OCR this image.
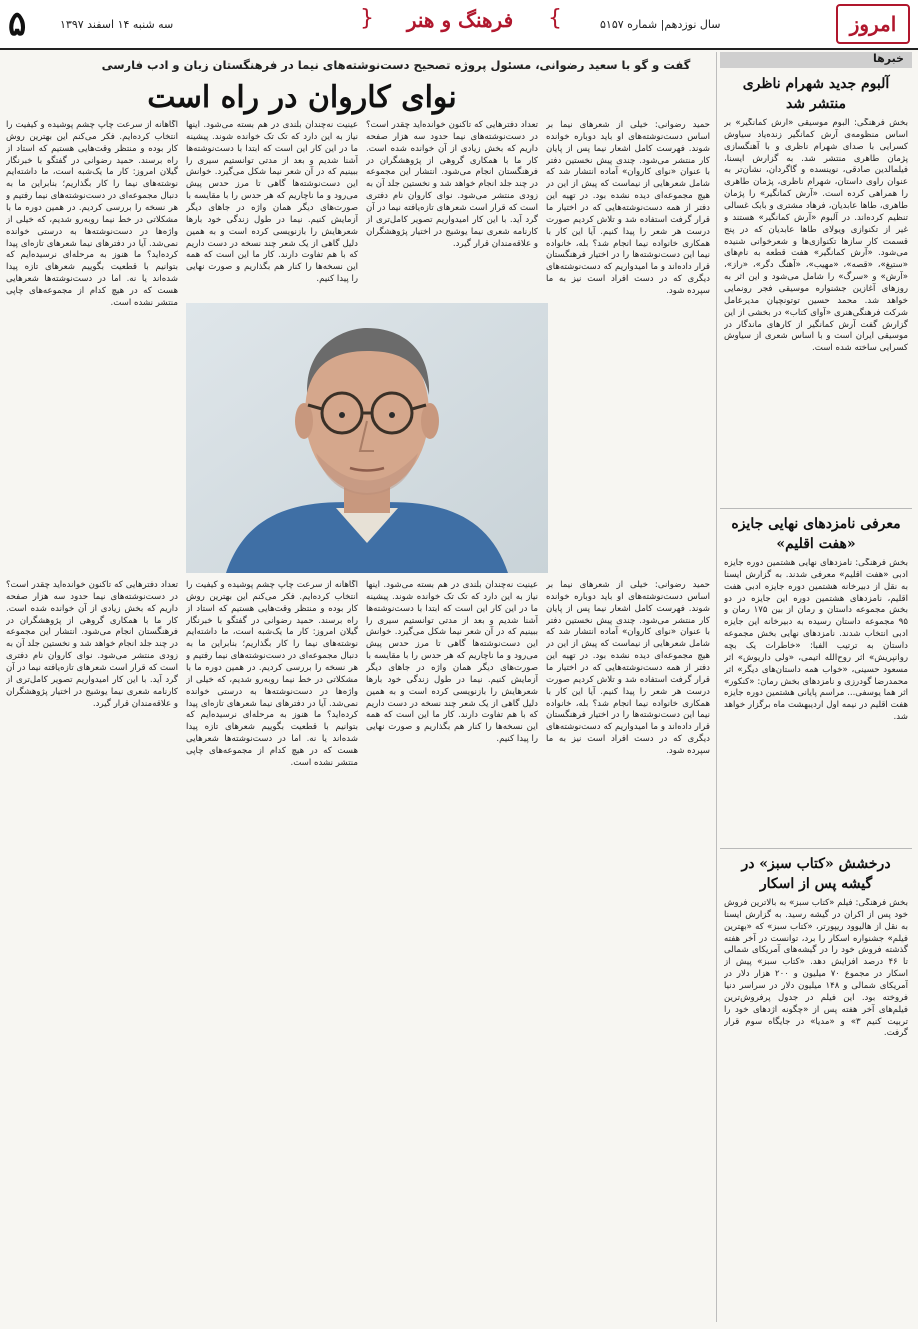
۵	سه شنبه ۱۴ اسفند ۱۳۹۷	{	فرهنگ و هنر	}	سال نوزدهم| شماره ۵۱۵۷	امروز
خبرها
آلبوم جدید شهرام ناظری منتشر شد
بخش فرهنگی: آلبوم موسیقی «آرش کمانگیر» بر اساس منظومه‌ی آرش کمانگیر زنده‌یاد سیاوش کسرایی با صدای شهرام ناظری و با آهنگسازی پژمان طاهری منتشر شد. به گزارش ایسنا، فیلمالدین صادقی، نوینسده و گاگردان، نشان‌تر به عنوان راوی داستان، شهرام ناظری، پژمان طاهری را همراهی کرده است. «آرش کمانگیر» را پژمان طاهری، طاها عابدیان، فرهاد مشتری و بابک غسالی تنظیم کرده‌اند. در آلبوم «آرش کمانگیر» هستند و غیر از تکنوازی ویولای طاها عابدیان که در پنج قسمت کار سازها تکنوازی‌ها و شعرخوانی شنیده می‌شود. «آرش کمانگیر» هفت قطعه به نام‌های «ستیغ»، «قصه»، «مهیب»، «آهنگ دگر»، «راز»، «آرش» و «سرگ» را شامل می‌شود و این اثر به روزهای آغازین جشنواره موسیقی فجر رونمایی خواهد شد. محمد حسین توتونچیان مدیرعامل شرکت فرهنگی‌هنری «آوای کتاب» در بخشی از این گزارش گفت آرش کمانگیر از کارهای ماندگار در موسیقی ایران است و با اساس شعری از سیاوش کسرایی ساخته شده است.
معرفی نامزدهای نهایی جایزه «هفت اقلیم»
بخش فرهنگی: نامزدهای نهایی هشتمین دوره جایزه ادبی «هفت اقلیم» معرفی شدند. به گزارش ایسنا به نقل از دبیرخانه هشتمین دوره جایزه ادبی هفت اقلیم، نامزدهای هشتمین دوره این جایزه در دو بخش مجموعه داستان و رمان از بین ۱۷۵ رمان و ۹۵ مجموعه داستان رسیده به دبیرخانه این جایزه ادبی انتخاب شدند. نامزدهای نهایی بخش مجموعه داستان به ترتیب الفبا: «خاطرات یک بچه روانپریش» اثر روح‌الله اتیمی، «ولی داریوش» اثر مسعود حسینی، «خواب همه داستان‌های دیگر» اثر محمدرضا گودرزی و نامزدهای بخش رمان: «کنکور» اثر هما یوسفی... مراسم پایانی هشتمین دوره جایزه هفت اقلیم در نیمه اول اردیبهشت ماه برگزار خواهد شد.
درخشش «کتاب سبز» در گیشه پس از اسکار
بخش فرهنگی: فیلم «کتاب سبز» به بالاترین فروش خود پس از اکران در گیشه رسید. به گزارش ایسنا به نقل از هالیوود ریپورتر، «کتاب سبز» که «بهترین فیلم» جشنواره اسکار را برد، توانست در آخر هفته گذشته فروش خود را در گیشه‌های آمریکای شمالی تا ۴۶ درصد افزایش دهد. «کتاب سبز» پیش از اسکار در مجموع ۷۰ میلیون و ۲۰۰ هزار دلار در آمریکای شمالی و ۱۴۸ میلیون دلار در سراسر دنیا فروخته بود. این فیلم در جدول پرفروش‌ترین فیلم‌های آخر هفته پس از «چگونه اژدهای خود را تربیت کنیم ۳» و «مدیا» در جایگاه سوم قرار گرفت.
گفت و گو با سعید رضوانی، مسئول پروژه تصحیح دست‌نوشته‌های نیما در فرهنگستان زبان و ادب فارسی
نوای کاروان در راه است
آگاهانه از سرعت چاپ چشم پوشیده و کیفیت را انتخاب کرده‌ایم. فکر می‌کنم این بهترین روش کار بوده و منتظر وقت‌هایی هستیم که استاد از راه برسند. حمید رضوانی در گفتگو با خبرنگار گیلان امروز: کار ما یک‌شبه است، ما داشته‌ایم نوشته‌های نیما را کار بگذاریم؛ بنابراین ما به دنبال مجموعه‌ای در دست‌نوشته‌های نیما رفتیم و هر نسخه را بررسی کردیم. در همین دوره ما با مشکلاتی در خط نیما روبه‌رو شدیم، که خیلی از واژه‌ها در دست‌نوشته‌ها به درستی خوانده نمی‌شد. آیا در دفترهای نیما شعرهای تازه‌ای پیدا کرده‌اید؟ ما هنوز به مرحله‌ای نرسیده‌ایم که بتوانیم با قطعیت بگوییم شعرهای تازه پیدا شده‌اند یا نه. اما در دست‌نوشته‌ها شعرهایی هست که در هیچ کدام از مجموعه‌های چاپی منتشر نشده است.
عینیت نه‌چندان بلندی در هم بسته می‌شود. اینها نیاز به این دارد که تک تک خوانده شوند. پیشینه ما در این کار این است که ابتدا با دست‌نوشته‌ها آشنا شدیم و بعد از مدتی توانستیم سیری را ببینیم که در آن شعر نیما شکل می‌گیرد. خوانش این دست‌نوشته‌ها گاهی تا مرز حدس پیش می‌رود و ما ناچاریم که هر حدس را با مقایسه با صورت‌های دیگر همان واژه در جاهای دیگر آزمایش کنیم. نیما در طول زندگی خود بارها شعرهایش را بازنویسی کرده است و به همین دلیل گاهی از یک شعر چند نسخه در دست داریم که با هم تفاوت دارند. کار ما این است که همه این نسخه‌ها را کنار هم بگذاریم و صورت نهایی را پیدا کنیم.
تعداد دفترهایی که تاکنون خوانده‌اید چقدر است؟ در دست‌نوشته‌های نیما حدود سه هزار صفحه داریم که بخش زیادی از آن خوانده شده است. کار ما با همکاری گروهی از پژوهشگران در فرهنگستان انجام می‌شود. انتشار این مجموعه در چند جلد انجام خواهد شد و نخستین جلد آن به زودی منتشر می‌شود. نوای کاروان نام دفتری است که قرار است شعرهای تازه‌یافته نیما در آن گرد آید. با این کار امیدواریم تصویر کامل‌تری از کارنامه شعری نیما یوشیج در اختیار پژوهشگران و علاقه‌مندان قرار گیرد.
حمید رضوانی: خیلی از شعرهای نیما بر اساس دست‌نوشته‌های او باید دوباره خوانده شوند. فهرست کامل اشعار نیما پس از پایان کار منتشر می‌شود. چندی پیش نخستین دفتر با عنوان «نوای کاروان» آماده انتشار شد که شامل شعرهایی از نیماست که پیش از این در هیچ مجموعه‌ای دیده نشده بود. در تهیه این دفتر از همه دست‌نوشته‌هایی که در اختیار ما قرار گرفت استفاده شد و تلاش کردیم صورت درست هر شعر را پیدا کنیم. آیا این کار با همکاری خانواده نیما انجام شد؟ بله، خانواده نیما این دست‌نوشته‌ها را در اختیار فرهنگستان قرار داده‌اند و ما امیدواریم که دست‌نوشته‌های دیگری که در دست افراد است نیز به ما سپرده شود.
تعداد دفترهایی که تاکنون خوانده‌اید چقدر است؟ در دست‌نوشته‌های نیما حدود سه هزار صفحه داریم که بخش زیادی از آن خوانده شده است. کار ما با همکاری گروهی از پژوهشگران در فرهنگستان انجام می‌شود. انتشار این مجموعه در چند جلد انجام خواهد شد و نخستین جلد آن به زودی منتشر می‌شود. نوای کاروان نام دفتری است که قرار است شعرهای تازه‌یافته نیما در آن گرد آید. با این کار امیدواریم تصویر کامل‌تری از کارنامه شعری نیما یوشیج در اختیار پژوهشگران و علاقه‌مندان قرار گیرد.
آگاهانه از سرعت چاپ چشم پوشیده و کیفیت را انتخاب کرده‌ایم. فکر می‌کنم این بهترین روش کار بوده و منتظر وقت‌هایی هستیم که استاد از راه برسند. حمید رضوانی در گفتگو با خبرنگار گیلان امروز: کار ما یک‌شبه است، ما داشته‌ایم نوشته‌های نیما را کار بگذاریم؛ بنابراین ما به دنبال مجموعه‌ای در دست‌نوشته‌های نیما رفتیم و هر نسخه را بررسی کردیم. در همین دوره ما با مشکلاتی در خط نیما روبه‌رو شدیم، که خیلی از واژه‌ها در دست‌نوشته‌ها به درستی خوانده نمی‌شد. آیا در دفترهای نیما شعرهای تازه‌ای پیدا کرده‌اید؟ ما هنوز به مرحله‌ای نرسیده‌ایم که بتوانیم با قطعیت بگوییم شعرهای تازه پیدا شده‌اند یا نه. اما در دست‌نوشته‌ها شعرهایی هست که در هیچ کدام از مجموعه‌های چاپی منتشر نشده است.
عینیت نه‌چندان بلندی در هم بسته می‌شود. اینها نیاز به این دارد که تک تک خوانده شوند. پیشینه ما در این کار این است که ابتدا با دست‌نوشته‌ها آشنا شدیم و بعد از مدتی توانستیم سیری را ببینیم که در آن شعر نیما شکل می‌گیرد. خوانش این دست‌نوشته‌ها گاهی تا مرز حدس پیش می‌رود و ما ناچاریم که هر حدس را با مقایسه با صورت‌های دیگر همان واژه در جاهای دیگر آزمایش کنیم. نیما در طول زندگی خود بارها شعرهایش را بازنویسی کرده است و به همین دلیل گاهی از یک شعر چند نسخه در دست داریم که با هم تفاوت دارند. کار ما این است که همه این نسخه‌ها را کنار هم بگذاریم و صورت نهایی را پیدا کنیم.
حمید رضوانی: خیلی از شعرهای نیما بر اساس دست‌نوشته‌های او باید دوباره خوانده شوند. فهرست کامل اشعار نیما پس از پایان کار منتشر می‌شود. چندی پیش نخستین دفتر با عنوان «نوای کاروان» آماده انتشار شد که شامل شعرهایی از نیماست که پیش از این در هیچ مجموعه‌ای دیده نشده بود. در تهیه این دفتر از همه دست‌نوشته‌هایی که در اختیار ما قرار گرفت استفاده شد و تلاش کردیم صورت درست هر شعر را پیدا کنیم. آیا این کار با همکاری خانواده نیما انجام شد؟ بله، خانواده نیما این دست‌نوشته‌ها را در اختیار فرهنگستان قرار داده‌اند و ما امیدواریم که دست‌نوشته‌های دیگری که در دست افراد است نیز به ما سپرده شود.
